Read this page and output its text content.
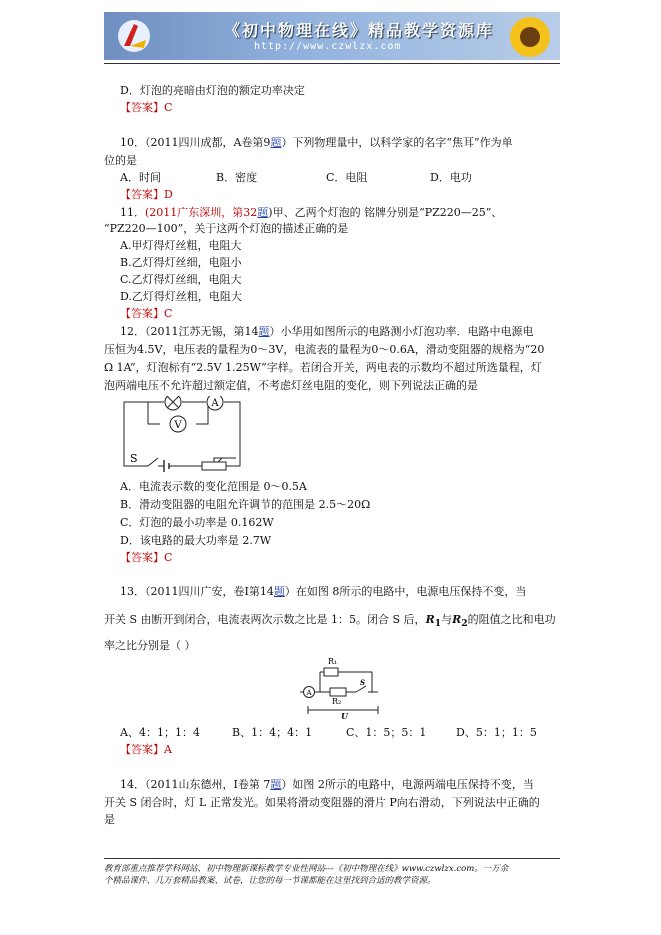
《初中物理在线》精品教学资源库
http://www.czwlzx.com
D．灯泡的亮暗由灯泡的额定功率决定
【答案】C
10．（2011四川成都，A卷第9题）下列物理量中，以科学家的名字“焦耳”作为单
位的是
A．时间	B．密度	C．电阻	D．电功
【答案】D
11．(2011广东深圳，第32题)甲、乙两个灯泡的 铭牌分别是“PZ220—25”、
“PZ220—100”，关于这两个灯泡的描述正确的是
A.甲灯得灯丝粗，电阻大
B.乙灯得灯丝细，电阻小
C.乙灯得灯丝细，电阻大
D.乙灯得灯丝粗，电阻大
【答案】C
12．（2011江苏无锡，第14题）小华用如图所示的电路测小灯泡功率．电路中电源电
压恒为4.5V，电压表的量程为0～3V，电流表的量程为0～0.6A，滑动变阻器的规格为“20
Ω 1A”，灯泡标有“2.5V 1.25W”字样。若闭合开关，两电表的示数均不超过所选量程，灯
泡两端电压不允许超过额定值，不考虑灯丝电阻的变化，则下列说法正确的是
A
V
S
A．电流表示数的变化范围是 0～0.5A
B．滑动变阻器的电阻允许调节的范围是 2.5～20Ω
C．灯泡的最小功率是 0.162W
D．该电路的最大功率是 2.7W
【答案】C
13．（2011四川广安，卷I第14题）在如图 8所示的电路中，电源电压保持不变，当
开关 S 由断开到闭合，电流表两次示数之比是 1：5。闭合 S 后，$R_1$与$R_2$的阻值之比和电功
率之比分别是（ ）
R₁
R₂
S
A
U
A、4：1；1：4	B、1：4；4：1	C、1：5；5：1	D、5：1；1：5
【答案】A
14．（2011山东德州，I卷第 7题）如图 2所示的电路中，电源两端电压保持不变，当
开关 S 闭合时，灯 L 正常发光。如果将滑动变阻器的滑片 P向右滑动，下列说法中正确的
是
教育部重点推荐学科网站、初中物理新课标教学专业性网站---《初中物理在线》www.czwlzx.com。一万余
个精品课件、几万套精品教案、试卷，让您的每一节课都能在这里找到合适的教学资源。
